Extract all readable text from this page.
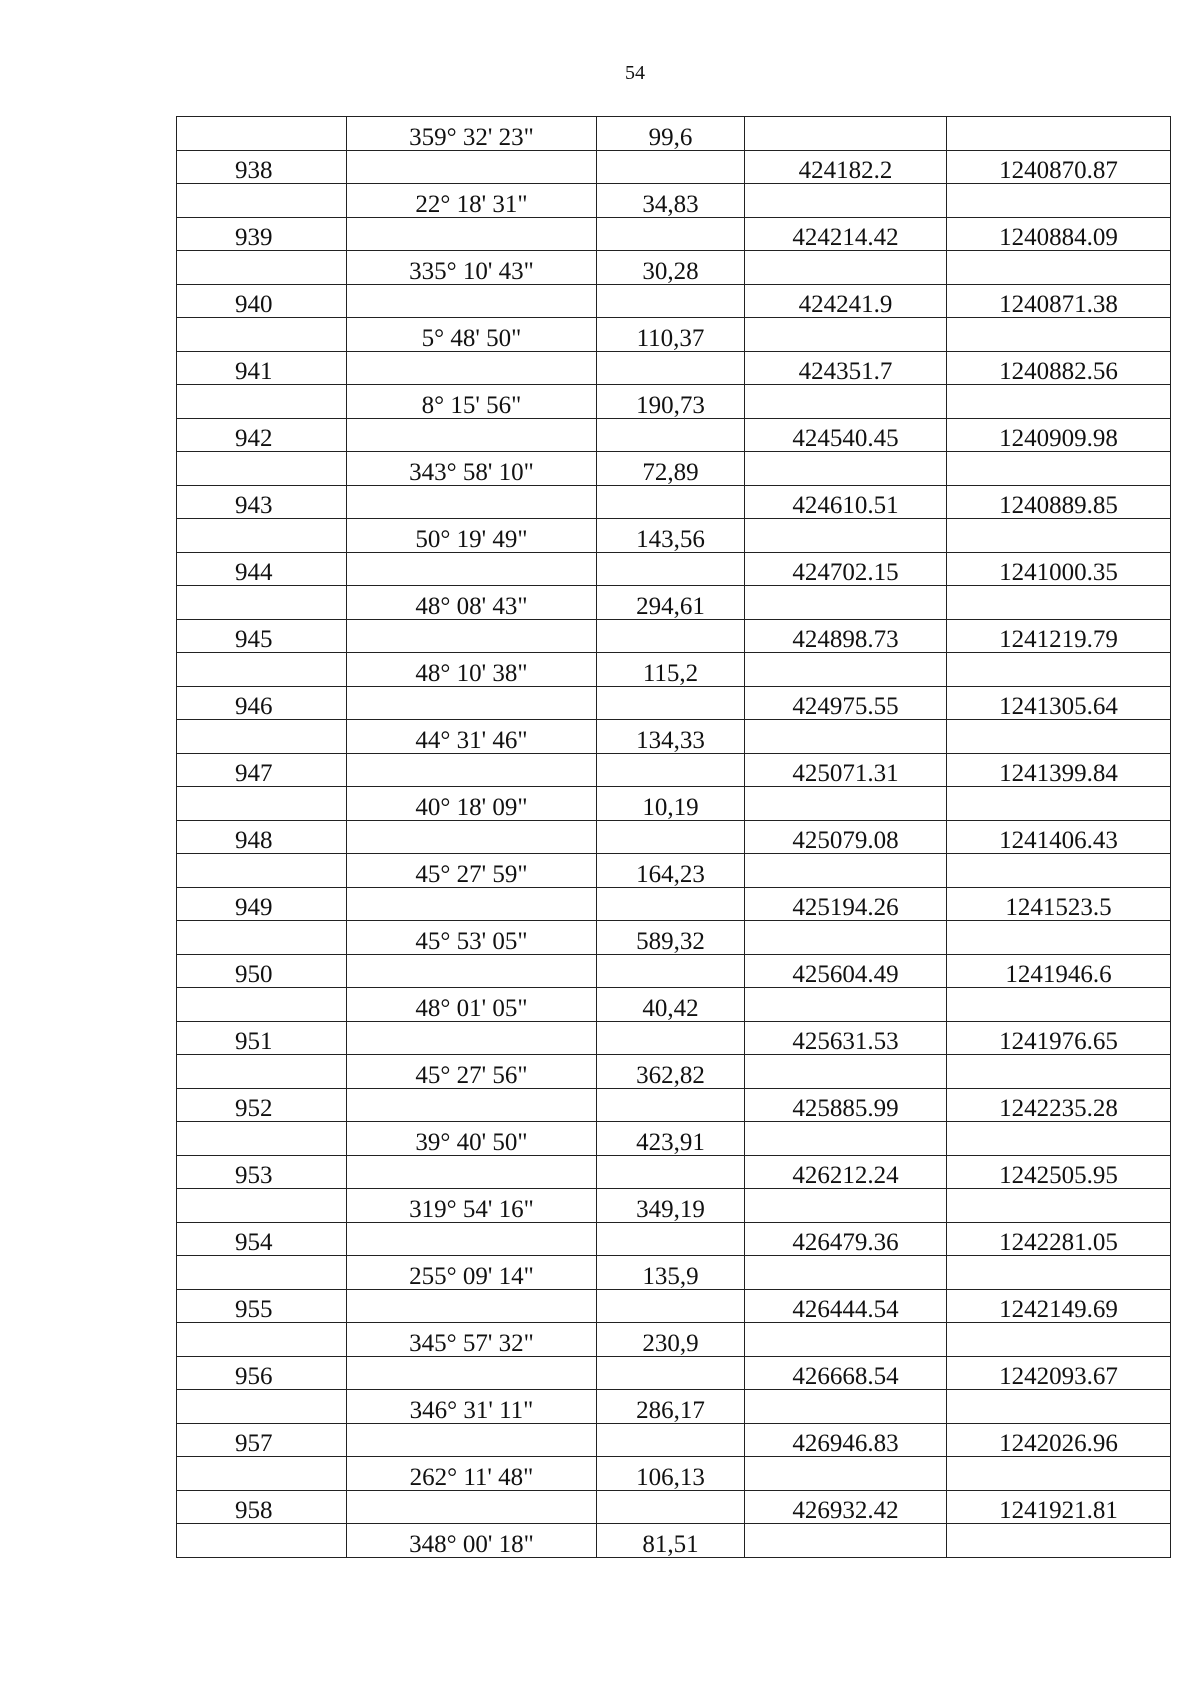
54
	359° 32' 23"	99,6		
938			424182.2	1240870.87
	22° 18' 31"	34,83		
939			424214.42	1240884.09
	335° 10' 43"	30,28		
940			424241.9	1240871.38
	5° 48' 50"	110,37		
941			424351.7	1240882.56
	8° 15' 56"	190,73		
942			424540.45	1240909.98
	343° 58' 10"	72,89		
943			424610.51	1240889.85
	50° 19' 49"	143,56		
944			424702.15	1241000.35
	48° 08' 43"	294,61		
945			424898.73	1241219.79
	48° 10' 38"	115,2		
946			424975.55	1241305.64
	44° 31' 46"	134,33		
947			425071.31	1241399.84
	40° 18' 09"	10,19		
948			425079.08	1241406.43
	45° 27' 59"	164,23		
949			425194.26	1241523.5
	45° 53' 05"	589,32		
950			425604.49	1241946.6
	48° 01' 05"	40,42		
951			425631.53	1241976.65
	45° 27' 56"	362,82		
952			425885.99	1242235.28
	39° 40' 50"	423,91		
953			426212.24	1242505.95
	319° 54' 16"	349,19		
954			426479.36	1242281.05
	255° 09' 14"	135,9		
955			426444.54	1242149.69
	345° 57' 32"	230,9		
956			426668.54	1242093.67
	346° 31' 11"	286,17		
957			426946.83	1242026.96
	262° 11' 48"	106,13		
958			426932.42	1241921.81
	348° 00' 18"	81,51		
